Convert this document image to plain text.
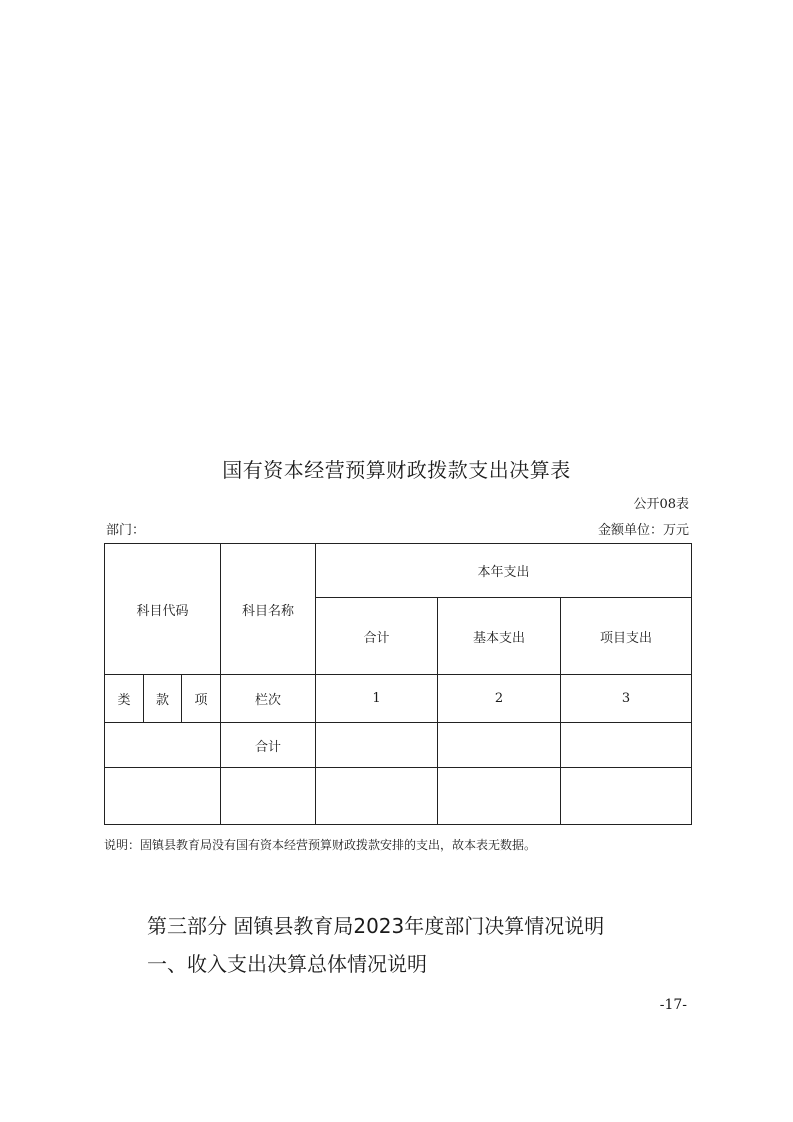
国有资本经营预算财政拨款支出决算表
公开08表
部门：	金额单位：万元
科目代码			科目名称	本年支出		
				合计	基本支出	项目支出
类	款	项	栏次	1	2	3
			合计			

说明：固镇县教育局没有国有资本经营预算财政拨款安排的支出，故本表无数据。
第三部分 固镇县教育局2023年度部门决算情况说明
一、收入支出决算总体情况说明
-17-
